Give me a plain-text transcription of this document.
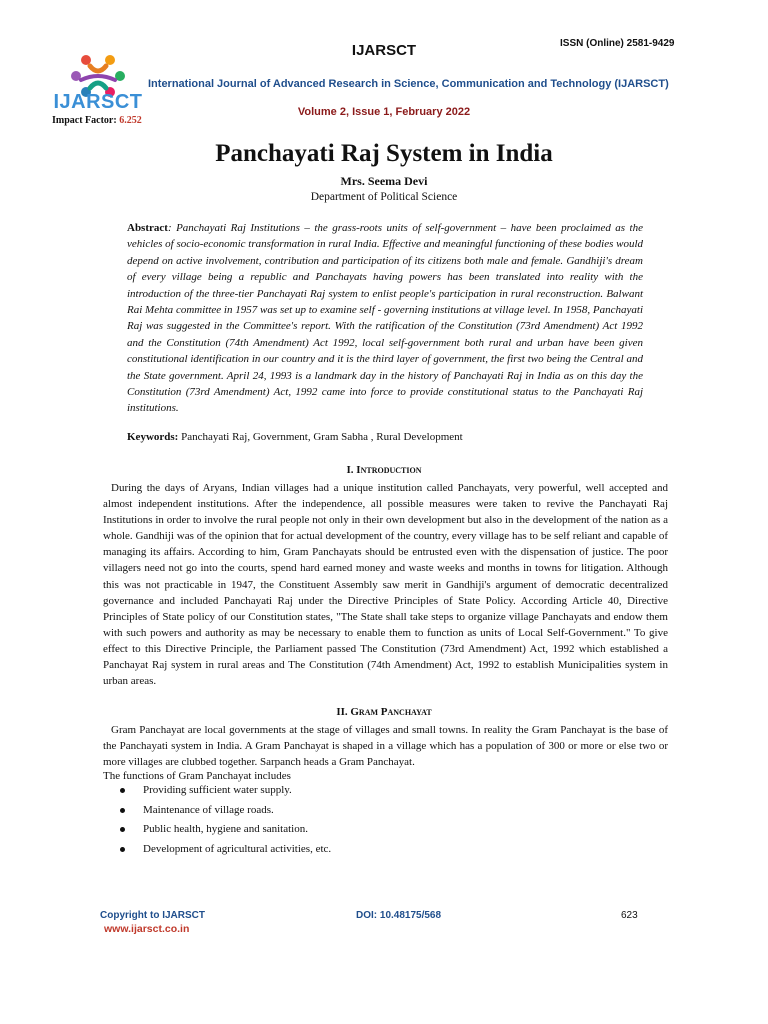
IJARSCT
Impact Factor: 6.252
IJARSCT	ISSN (Online) 2581-9429
International Journal of Advanced Research in Science, Communication and Technology (IJARSCT)
Volume 2, Issue 1, February 2022
Panchayati Raj System in India
Mrs. Seema Devi
Department of Political Science

Abstract: Panchayati Raj Institutions – the grass-roots units of self-government – have been proclaimed as the vehicles of socio-economic transformation in rural India. Effective and meaningful functioning of these bodies would depend on active involvement, contribution and participation of its citizens both male and female. Gandhiji's dream of every village being a republic and Panchayats having powers has been translated into reality with the introduction of the three-tier Panchayati Raj system to enlist people's participation in rural reconstruction. Balwant Rai Mehta committee in 1957 was set up to examine self - governing institutions at village level. In 1958, Panchayati Raj was suggested in the Committee's report. With the ratification of the Constitution (73rd Amendment) Act 1992 and the Constitution (74th Amendment) Act 1992, local self-government both rural and urban have been given constitutional identification in our country and it is the third layer of government, the first two being the Central and the State government. April 24, 1993 is a landmark day in the history of Panchayati Raj in India as on this day the Constitution (73rd Amendment) Act, 1992 came into force to provide constitutional status to the Panchayati Raj institutions.

Keywords: Panchayati Raj, Government, Gram Sabha , Rural Development

I. Introduction

During the days of Aryans, Indian villages had a unique institution called Panchayats, very powerful, well accepted and almost independent institutions. After the independence, all possible measures were taken to revive the Panchayati Raj Institutions in order to involve the rural people not only in their own development but also in the development of the nation as a whole. Gandhiji was of the opinion that for actual development of the country, every village has to be self reliant and capable of managing its affairs. According to him, Gram Panchayats should be entrusted even with the dispensation of justice. The poor villagers need not go into the courts, spend hard earned money and waste weeks and months in towns for litigation. Although this was not practicable in 1947, the Constituent Assembly saw merit in Gandhiji's argument of democratic decentralized governance and included Panchayati Raj under the Directive Principles of State Policy. According Article 40, Directive Principles of State policy of our Constitution states, "The State shall take steps to organize village Panchayats and endow them with such powers and authority as may be necessary to enable them to function as units of Local Self-Government." To give effect to this Directive Principle, the Parliament passed The Constitution (73rd Amendment) Act, 1992 which established a Panchayat Raj system in rural areas and The Constitution (74th Amendment) Act, 1992 to establish Municipalities system in urban areas.

II. Gram Panchayat

Gram Panchayat are local governments at the stage of villages and small towns. In reality the Gram Panchayat is the base of the Panchayati system in India. A Gram Panchayat is shaped in a village which has a population of 300 or more or else two or more villages are clubbed together. Sarpanch heads a Gram Panchayat.

The functions of Gram Panchayat includes

Providing sufficient water supply.
Maintenance of village roads.
Public health, hygiene and sanitation.
Development of agricultural activities, etc.
Copyright to IJARSCT
www.ijarsct.co.in
DOI: 10.48175/568	623
